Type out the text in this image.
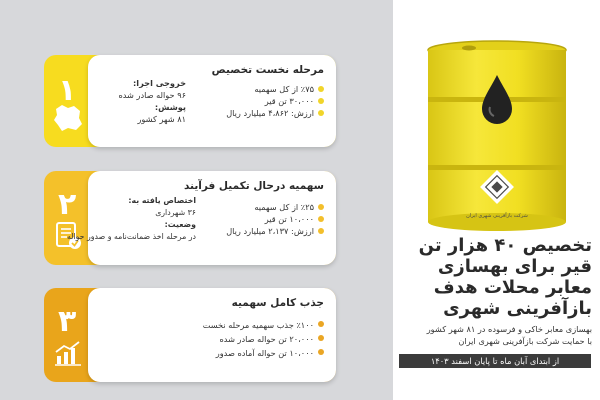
شرکت بازآفرینی شهری ایران
تخصیص ۴۰ هزار تن
قیر برای بهسازی
معابر محلات هدف
بازآفرینی شهری
بهسازی معابر خاکی و فرسوده در ۸۱ شهر کشور
با حمایت شرکت بازآفرینی شهری ایران
از ابتدای آبان ماه تا پایان اسفند ۱۴۰۳
۱
مرحله نخست تخصیص
٪۷۵ از کل سهمیه
۳۰،۰۰۰ تن قیر
ارزش: ۴،۸۶۲ میلیارد ریال
خروجی اجرا:
۹۶ حواله صادر شده
پوشش:
۸۱ شهر کشور
۲
سهمیه درحال تکمیل فرآیند
٪۲۵ از کل سهمیه
۱۰،۰۰۰ تن قیر
ارزش: ۲،۱۳۷ میلیارد ریال
اختصاص یافته به:
۳۶ شهرداری
وضعیت:
در مرحله اخذ ضمانت‌نامه و صدور حواله
۳
جذب کامل سهمیه
٪۱۰۰ جذب سهمیه مرحله نخست
۲۰،۰۰۰ تن حواله صادر شده
۱۰،۰۰۰ تن حواله آماده صدور
